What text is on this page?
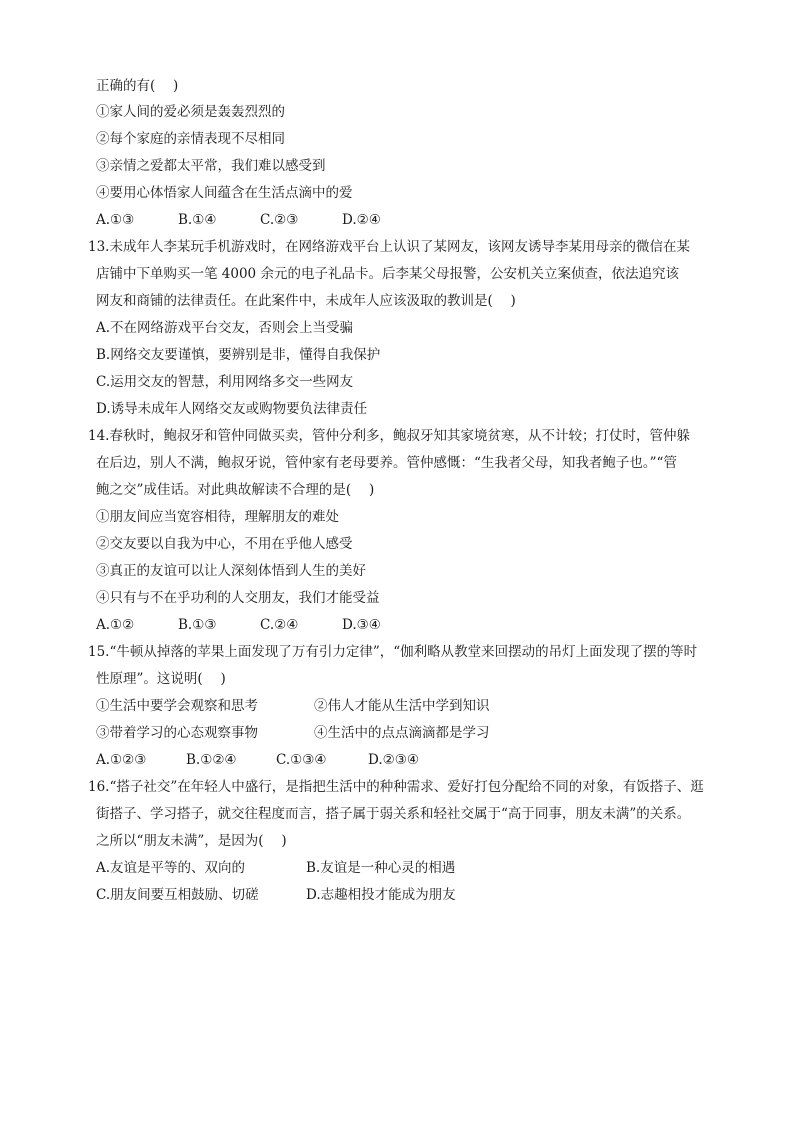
正确的有(　 )
①家人间的爱必须是轰轰烈烈的
②每个家庭的亲情表现不尽相同
③亲情之爱都太平常，我们难以感受到
④要用心体悟家人间蕴含在生活点滴中的爱
A.①③	B.①④	C.②③	D.②④
13.未成年人李某玩手机游戏时，在网络游戏平台上认识了某网友，该网友诱导李某用母亲的微信在某
店铺中下单购买一笔 4000 余元的电子礼品卡。后李某父母报警，公安机关立案侦查，依法追究该
网友和商铺的法律责任。在此案件中，未成年人应该汲取的教训是(　 )
A.不在网络游戏平台交友，否则会上当受骗
B.网络交友要谨慎，要辨别是非，懂得自我保护
C.运用交友的智慧，利用网络多交一些网友
D.诱导未成年人网络交友或购物要负法律责任
14.春秋时，鲍叔牙和管仲同做买卖，管仲分利多，鲍叔牙知其家境贫寒，从不计较；打仗时，管仲躲
在后边，别人不满，鲍叔牙说，管仲家有老母要养。管仲感慨：“生我者父母，知我者鲍子也。”“管
鲍之交”成佳话。对此典故解读不合理的是(　 )
①朋友间应当宽容相待，理解朋友的难处
②交友要以自我为中心，不用在乎他人感受
③真正的友谊可以让人深刻体悟到人生的美好
④只有与不在乎功利的人交朋友，我们才能受益
A.①②	B.①③	C.②④	D.③④
15.“牛顿从掉落的苹果上面发现了万有引力定律”，“伽利略从教堂来回摆动的吊灯上面发现了摆的等时
性原理”。这说明(　 )
①生活中要学会观察和思考	②伟人才能从生活中学到知识
③带着学习的心态观察事物	④生活中的点点滴滴都是学习
A.①②③	B.①②④	C.①③④	D.②③④
16.“搭子社交”在年轻人中盛行，是指把生活中的种种需求、爱好打包分配给不同的对象，有饭搭子、逛
街搭子、学习搭子，就交往程度而言，搭子属于弱关系和轻社交属于“高于同事，朋友未满”的关系。
之所以“朋友未满”，是因为(　 )
A.友谊是平等的、双向的	B.友谊是一种心灵的相遇
C.朋友间要互相鼓励、切磋	D.志趣相投才能成为朋友
